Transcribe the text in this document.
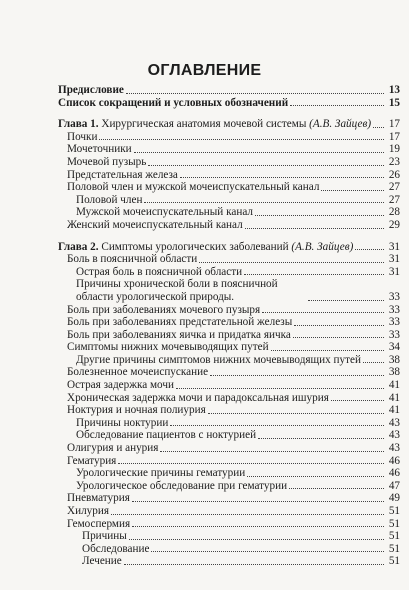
ОГЛАВЛЕНИЕ
Предисловие	13
Список сокращений и условных обозначений	15
Глава 1. Хирургическая анатомия мочевой системы (А.В. Зайцев) 17
Почки	17
Мочеточники	19
Мочевой пузырь	23
Предстательная железа	26
Половой член и мужской мочеиспускательный канал	27
Половой член	27
Мужской мочеиспускательный канал	28
Женский мочеиспускательный канал	29
Глава 2. Симптомы урологических заболеваний (А.В. Зайцев)	31
Боль в поясничной области	31
Острая боль в поясничной области	31
Причины хронической боли в поясничной области урологической природы.	33
Боль при заболеваниях мочевого пузыря	33
Боль при заболеваниях предстательной железы	33
Боль при заболеваниях яичка и придатка яичка	33
Симптомы нижних мочевыводящих путей	34
Другие причины симптомов нижних мочевыводящих путей 38
Болезненное мочеиспускание	38
Острая задержка мочи	41
Хроническая задержка мочи и парадоксальная ишурия	41
Ноктурия и ночная полиурия	41
Причины ноктурии	43
Обследование пациентов с ноктурией	43
Олигурия и анурия	43
Гематурия	46
Урологические причины гематурии	46
Урологическое обследование при гематурии	47
Пневматурия	49
Хилурия	51
Гемоспермия	51
Причины	51
Обследование	51
Лечение	51
